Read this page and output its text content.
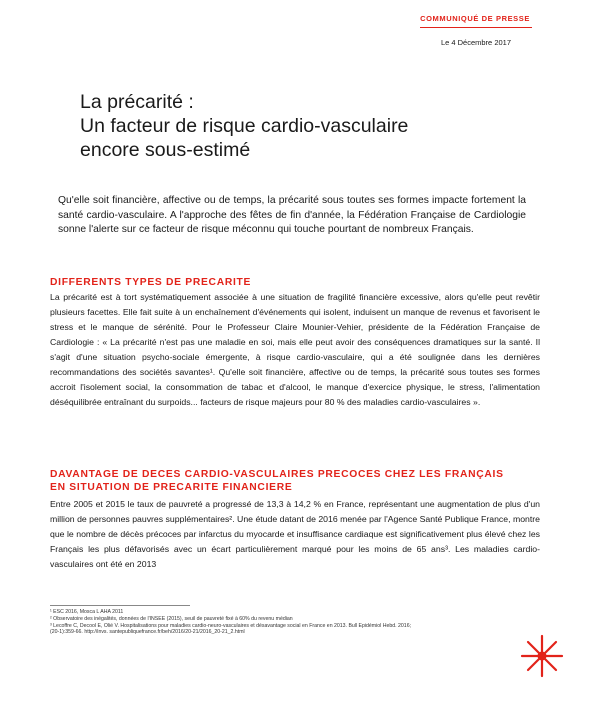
COMMUNIQUÉ DE PRESSE
Le 4 Décembre 2017
La précarité :
Un facteur de risque cardio-vasculaire
encore sous-estimé

Qu'elle soit financière, affective ou de temps, la précarité sous toutes ses formes impacte fortement la santé cardio-vasculaire. A l'approche des fêtes de fin d'année, la Fédération Française de Cardiologie sonne l'alerte sur ce facteur de risque méconnu qui touche pourtant de nombreux Français.

DIFFERENTS TYPES DE PRECARITE

La précarité est à tort systématiquement associée à une situation de fragilité financière excessive, alors qu'elle peut revêtir plusieurs facettes. Elle fait suite à un enchaînement d'événements qui isolent, induisent un manque de revenus et favorisent le stress et le manque de sérénité. Pour le Professeur Claire Mounier-Vehier, présidente de la Fédération Française de Cardiologie : « La précarité n'est pas une maladie en soi, mais elle peut avoir des conséquences dramatiques sur la santé. Il s'agit d'une situation psycho-sociale émergente, à risque cardio-vasculaire, qui a été soulignée dans les dernières recommandations des sociétés savantes¹. Qu'elle soit financière, affective ou de temps, la précarité sous toutes ses formes accroit l'isolement social, la consommation de tabac et d'alcool, le manque d'exercice physique, le stress, l'alimentation déséquilibrée entraînant du surpoids... facteurs de risque majeurs pour 80 % des maladies cardio-vasculaires ».

DAVANTAGE DE DECES CARDIO-VASCULAIRES PRECOCES CHEZ LES FRANÇAIS
EN SITUATION DE PRECARITE FINANCIERE

Entre 2005 et 2015 le taux de pauvreté a progressé de 13,3 à 14,2 % en France, représentant une augmentation de plus d'un million de personnes pauvres supplémentaires². Une étude datant de 2016 menée par l'Agence Santé Publique France, montre que le nombre de décès précoces par infarctus du myocarde et insuffisance cardiaque est significativement plus élevé chez les Français les plus défavorisés avec un écart particulièrement marqué pour les moins de 65 ans³. Les maladies cardio-vasculaires ont été en 2013

¹ ESC 2016, Mosca L AHA 2011
² Observatoire des inégalités, données de l'INSEE (2015), seuil de pauvreté fixé à 60% du revenu médian
³ Lecoffre C, Decool E, Olié V. Hospitalisations pour maladies cardio-neuro-vasculaires et désavantage social en France en 2013. Bull Epidémiol Hebd. 2016;
(20-1):359-66. http://invs. santepubliquefrance.fr/beh/2016/20-21/2016_20-21_2.html
